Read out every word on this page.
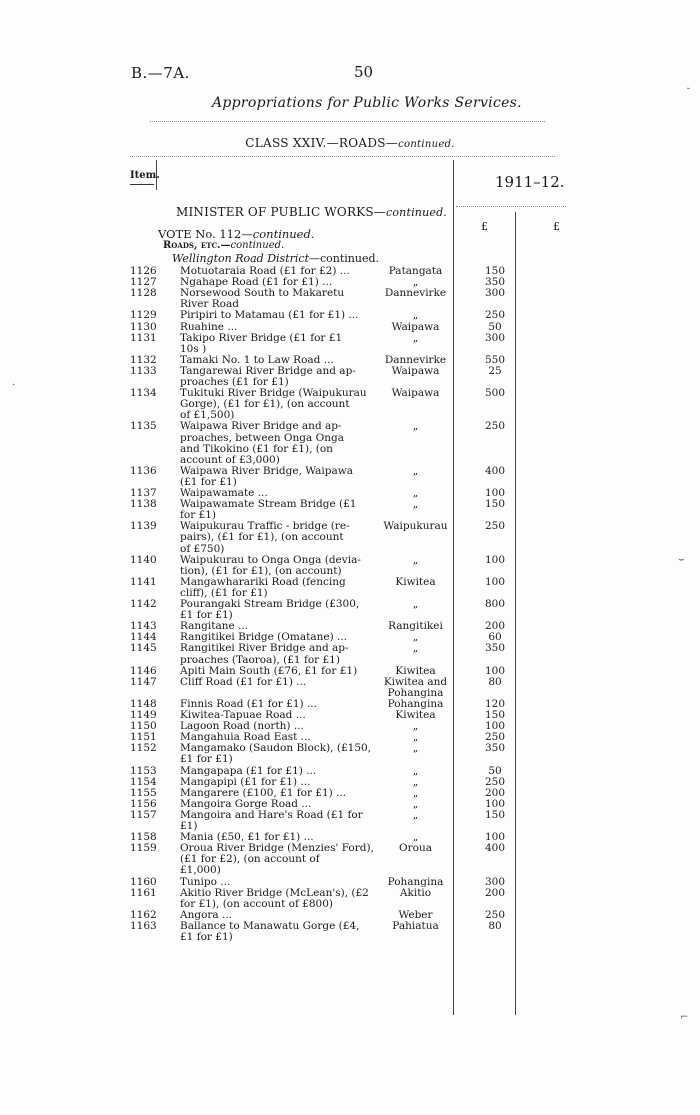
B.—7A.	50
Appropriations for Public Works Services.
CLASS XXIV.—ROADS—continued.
Item.	1911–12.
£	£
MINISTER OF PUBLIC WORKS—continued.
VOTE No. 112—continued.
Roads, etc.—continued.
Wellington Road District—continued.
1126 Motuotaraia Road (£1 for £2) ...	Patangata	150
1127 Ngahape Road (£1 for £1) ...	„	350
1128 Norsewood South to Makaretu	Dannevirke	300
River Road
1129 Piripiri to Matamau (£1 for £1) ...	„	250
1130 Ruahine ...	Waipawa	50
1131 Takipo River Bridge (£1 for £1	„	300
10s )
1132 Tamaki No. 1 to Law Road ...	Dannevirke	550
1133 Tangarewai River Bridge and ap-	Waipawa	25
proaches (£1 for £1)
1134 Tukituki River Bridge (Waipukurau	Waipawa	500
Gorge), (£1 for £1), (on account
of £1,500)
1135 Waipawa River Bridge and ap-	„	250
proaches, between Onga Onga
and Tikokino (£1 for £1), (on
account of £3,000)
1136 Waipawa River Bridge, Waipawa	„	400
(£1 for £1)
1137 Waipawamate ...	„	100
1138 Waipawamate Stream Bridge (£1	„	150
for £1)
1139 Waipukurau Traffic - bridge (re-	Waipukurau	250
pairs), (£1 for £1), (on account
of £750)
1140 Waipukurau to Onga Onga (devia-	„	100
tion), (£1 for £1), (on account)
1141 Mangawharariki Road (fencing	Kiwitea	100
cliff), (£1 for £1)
1142 Pourangaki Stream Bridge (£300,	„	800
£1 for £1)
1143 Rangitane ...	Rangitikei	200
1144 Rangitikei Bridge (Omatane) ...	„	60
1145 Rangitikei River Bridge and ap-	„	350
proaches (Taoroa), (£1 for £1)
1146 Apiti Main South (£76, £1 for £1)	Kiwitea	100
1147 Cliff Road (£1 for £1) ...	Kiwitea and	80
Pohangina
1148 Finnis Road (£1 for £1) ...	Pohangina	120
1149 Kiwitea-Tapuae Road ...	Kiwitea	150
1150 Lagoon Road (north) ...	„	100
1151 Mangahuia Road East ...	„	250
1152 Mangamako (Saudon Block), (£150,	„	350
£1 for £1)
1153 Mangapapa (£1 for £1) ...	„	50
1154 Mangapipi (£1 for £1) ...	„	250
1155 Mangarere (£100, £1 for £1) ...	„	200
1156 Mangoira Gorge Road ...	„	100
1157 Mangoira and Hare's Road (£1 for	„	150
£1)
1158 Mania (£50, £1 for £1) ...	„	100
1159 Oroua River Bridge (Menzies' Ford),	Oroua	400
(£1 for £2), (on account of
£1,000)
1160 Tunipo ...	Pohangina	300
1161 Akitio River Bridge (McLean's), (£2	Akitio	200
for £1), (on account of £800)
1162 Angora ...	Weber	250
1163 Ballance to Manawatu Gorge (£4,	Pahiatua	80
£1 for £1)
˘
·
⌣
⌐
